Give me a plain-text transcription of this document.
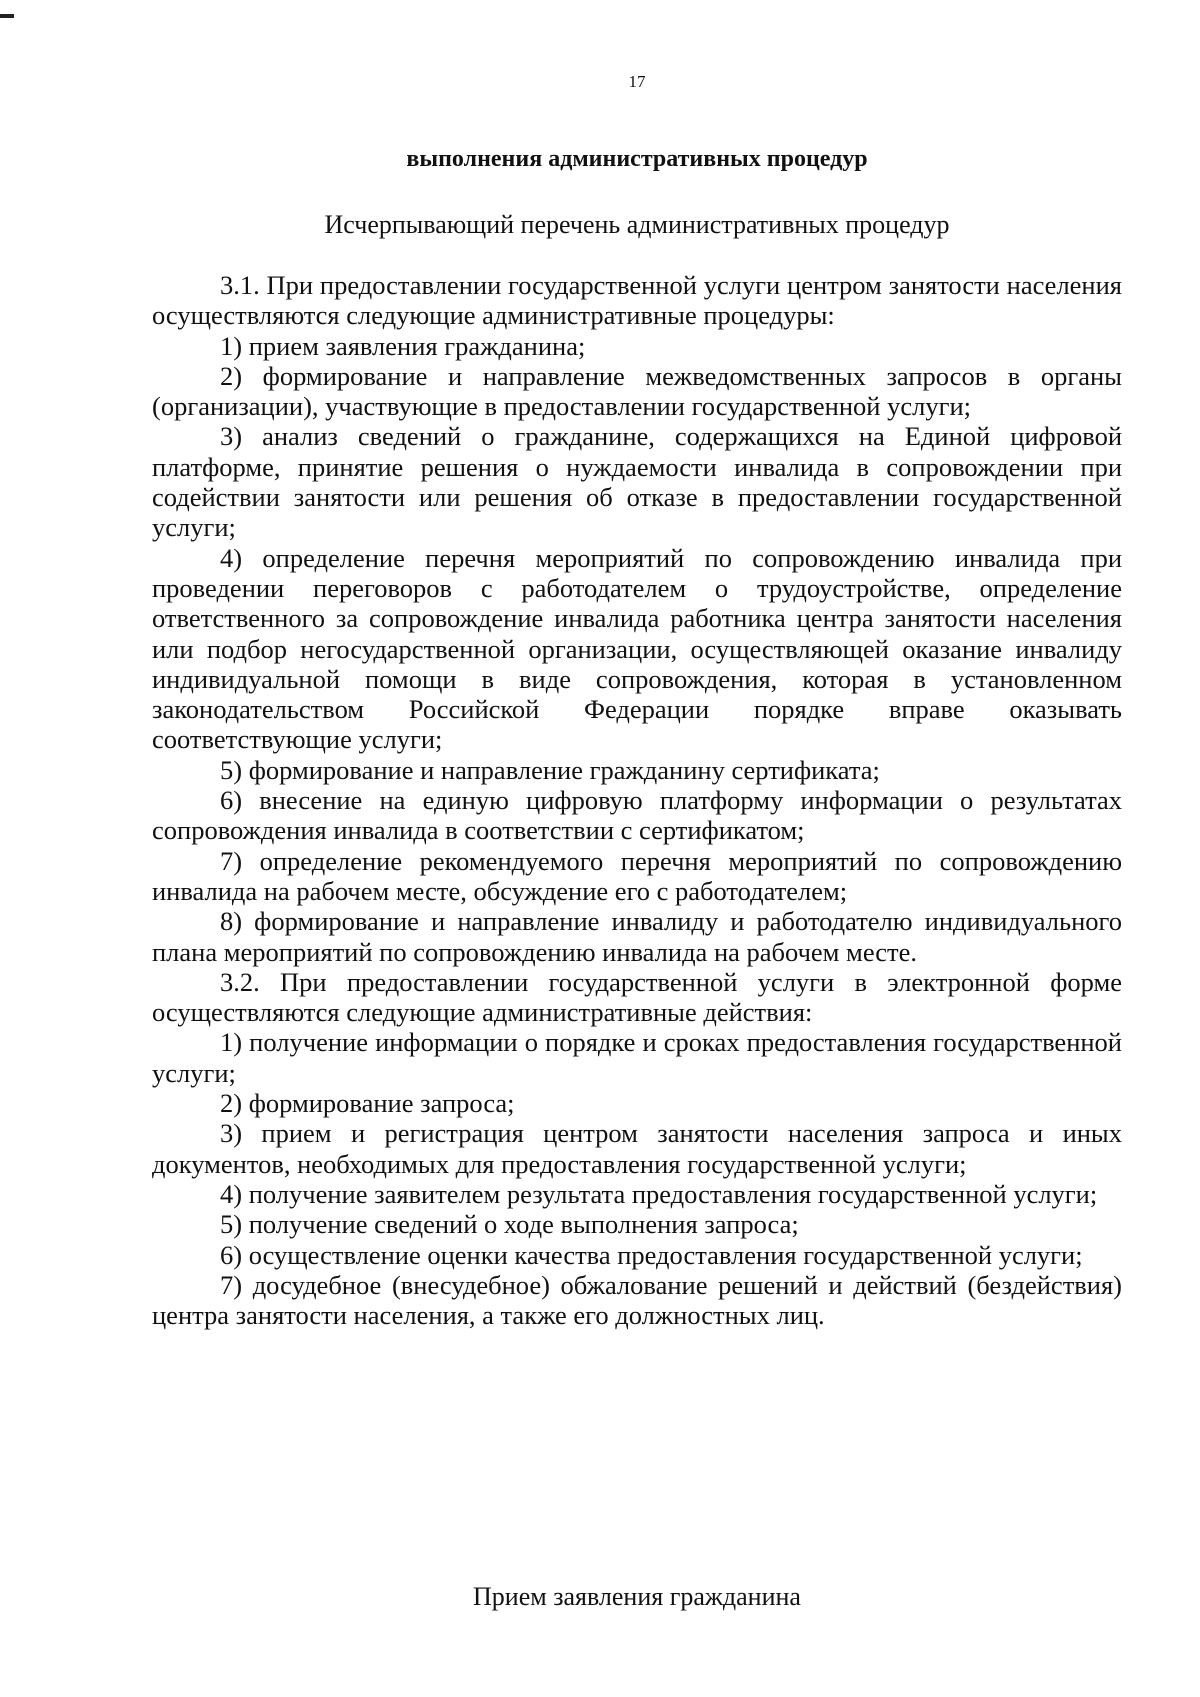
17
выполнения административных процедур
Исчерпывающий перечень административных процедур

3.1. При предоставлении государственной услуги центром занятости населения осуществляются следующие административные процедуры:

1) прием заявления гражданина;

2) формирование и направление межведомственных запросов в органы (организации), участвующие в предоставлении государственной услуги;

3) анализ сведений о гражданине, содержащихся на Единой цифровой платформе, принятие решения о нуждаемости инвалида в сопровождении при содействии занятости или решения об отказе в предоставлении государственной услуги;

4) определение перечня мероприятий по сопровождению инвалида при проведении переговоров с работодателем о трудоустройстве, определение ответственного за сопровождение инвалида работника центра занятости населения или подбор негосударственной организации, осуществляющей оказание инвалиду индивидуальной помощи в виде сопровождения, которая в установленном законодательством Российской Федерации порядке вправе оказывать соответствующие услуги;

5) формирование и направление гражданину сертификата;

6) внесение на единую цифровую платформу информации о результатах сопровождения инвалида в соответствии с сертификатом;

7) определение рекомендуемого перечня мероприятий по сопровождению инвалида на рабочем месте, обсуждение его с работодателем;

8) формирование и направление инвалиду и работодателю индивидуального плана мероприятий по сопровождению инвалида на рабочем месте.

3.2. При предоставлении государственной услуги в электронной форме осуществляются следующие административные действия:

1) получение информации о порядке и сроках предоставления государственной услуги;

2) формирование запроса;

3) прием и регистрация центром занятости населения запроса и иных документов, необходимых для предоставления государственной услуги;

4) получение заявителем результата предоставления государственной услуги;

5) получение сведений о ходе выполнения запроса;

6) осуществление оценки качества предоставления государственной услуги;

7) досудебное (внесудебное) обжалование решений и действий (бездействия) центра занятости населения, а также его должностных лиц.

Прием заявления гражданина
